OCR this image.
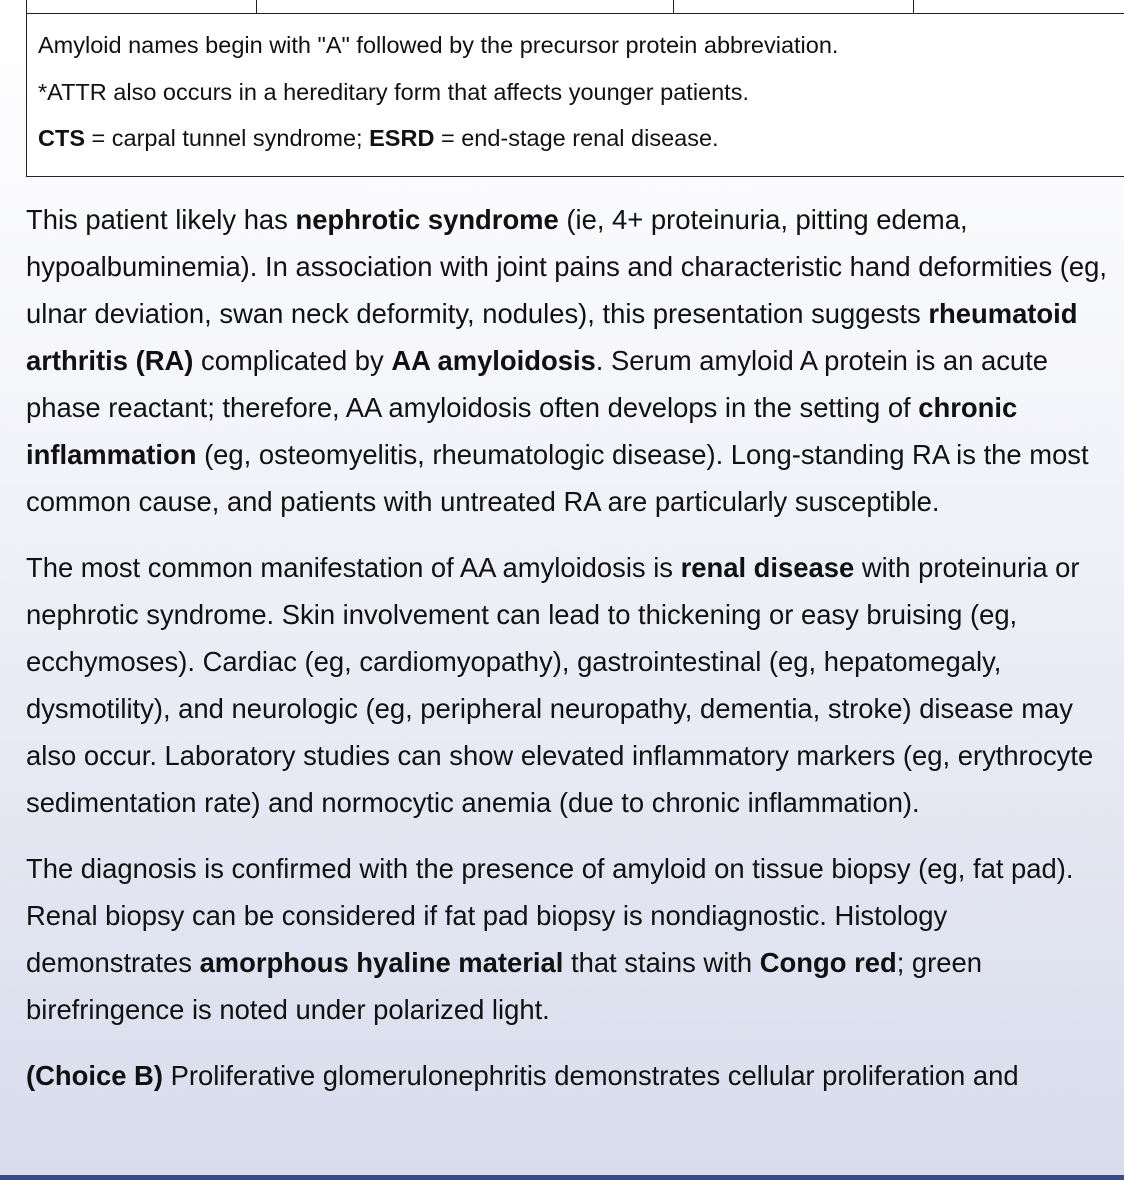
Amyloid names begin with "A" followed by the precursor protein abbreviation.
*ATTR also occurs in a hereditary form that affects younger patients.
CTS = carpal tunnel syndrome; ESRD = end-stage renal disease.

This patient likely has nephrotic syndrome (ie, 4+ proteinuria, pitting edema, hypoalbuminemia). In association with joint pains and characteristic hand deformities (eg, ulnar deviation, swan neck deformity, nodules), this presentation suggests rheumatoid arthritis (RA) complicated by AA amyloidosis. Serum amyloid A protein is an acute phase reactant; therefore, AA amyloidosis often develops in the setting of chronic inflammation (eg, osteomyelitis, rheumatologic disease). Long-standing RA is the most common cause, and patients with untreated RA are particularly susceptible.

The most common manifestation of AA amyloidosis is renal disease with proteinuria or nephrotic syndrome. Skin involvement can lead to thickening or easy bruising (eg, ecchymoses). Cardiac (eg, cardiomyopathy), gastrointestinal (eg, hepatomegaly, dysmotility), and neurologic (eg, peripheral neuropathy, dementia, stroke) disease may also occur. Laboratory studies can show elevated inflammatory markers (eg, erythrocyte sedimentation rate) and normocytic anemia (due to chronic inflammation).

The diagnosis is confirmed with the presence of amyloid on tissue biopsy (eg, fat pad). Renal biopsy can be considered if fat pad biopsy is nondiagnostic. Histology demonstrates amorphous hyaline material that stains with Congo red; green birefringence is noted under polarized light.

(Choice B) Proliferative glomerulonephritis demonstrates cellular proliferation and
